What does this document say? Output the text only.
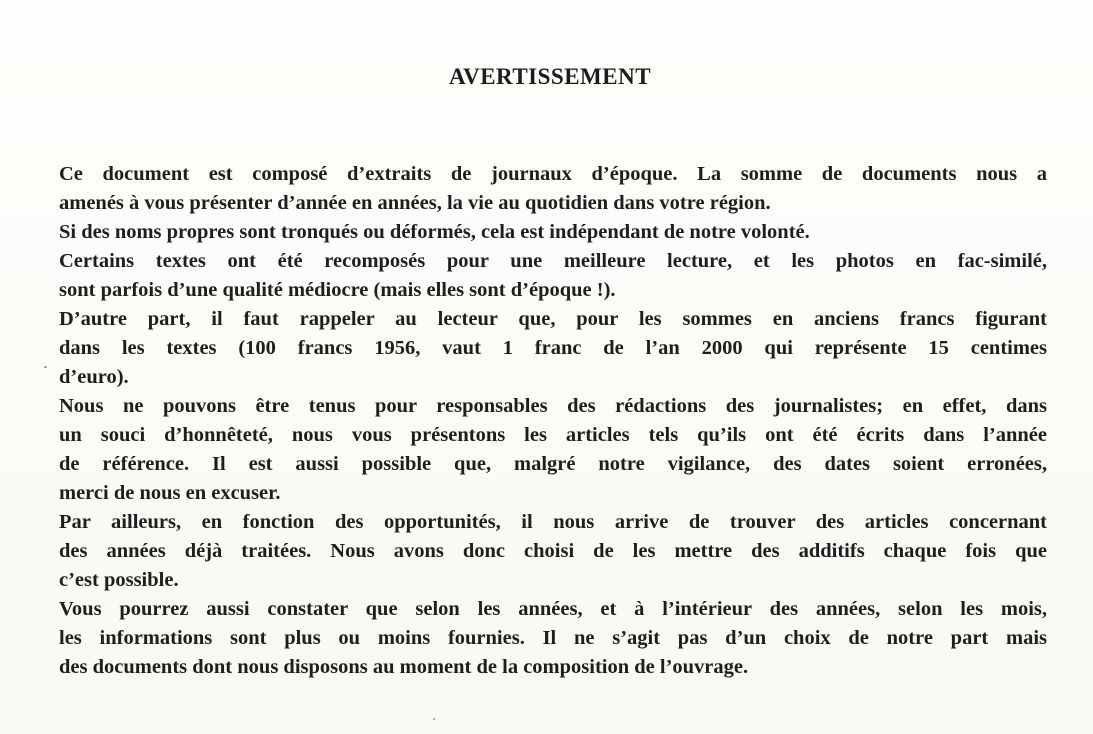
AVERTISSEMENT

Ce document est composé d’extraits de journaux d’époque. La somme de documents nous a
amenés à vous présenter d’année en années, la vie au quotidien dans votre région.

Si des noms propres sont tronqués ou déformés, cela est indépendant de notre volonté.

Certains textes ont été recomposés pour une meilleure lecture, et les photos en fac-similé,
sont parfois d’une qualité médiocre (mais elles sont d’époque !).

D’autre part, il faut rappeler au lecteur que, pour les sommes en anciens francs figurant
dans les textes (100 francs 1956, vaut 1 franc de l’an 2000 qui représente 15 centimes
d’euro).

Nous ne pouvons être tenus pour responsables des rédactions des journalistes; en effet, dans
un souci d’honnêteté, nous vous présentons les articles tels qu’ils ont été écrits dans l’année
de référence. Il est aussi possible que, malgré notre vigilance, des dates soient erronées,
merci de nous en excuser.

Par ailleurs, en fonction des opportunités, il nous arrive de trouver des articles concernant
des années déjà traitées. Nous avons donc choisi de les mettre des additifs chaque fois que
c’est possible.

Vous pourrez aussi constater que selon les années, et à l’intérieur des années, selon les mois,
les informations sont plus ou moins fournies. Il ne s’agit pas d’un choix de notre part mais
des documents dont nous disposons au moment de la composition de l’ouvrage.
